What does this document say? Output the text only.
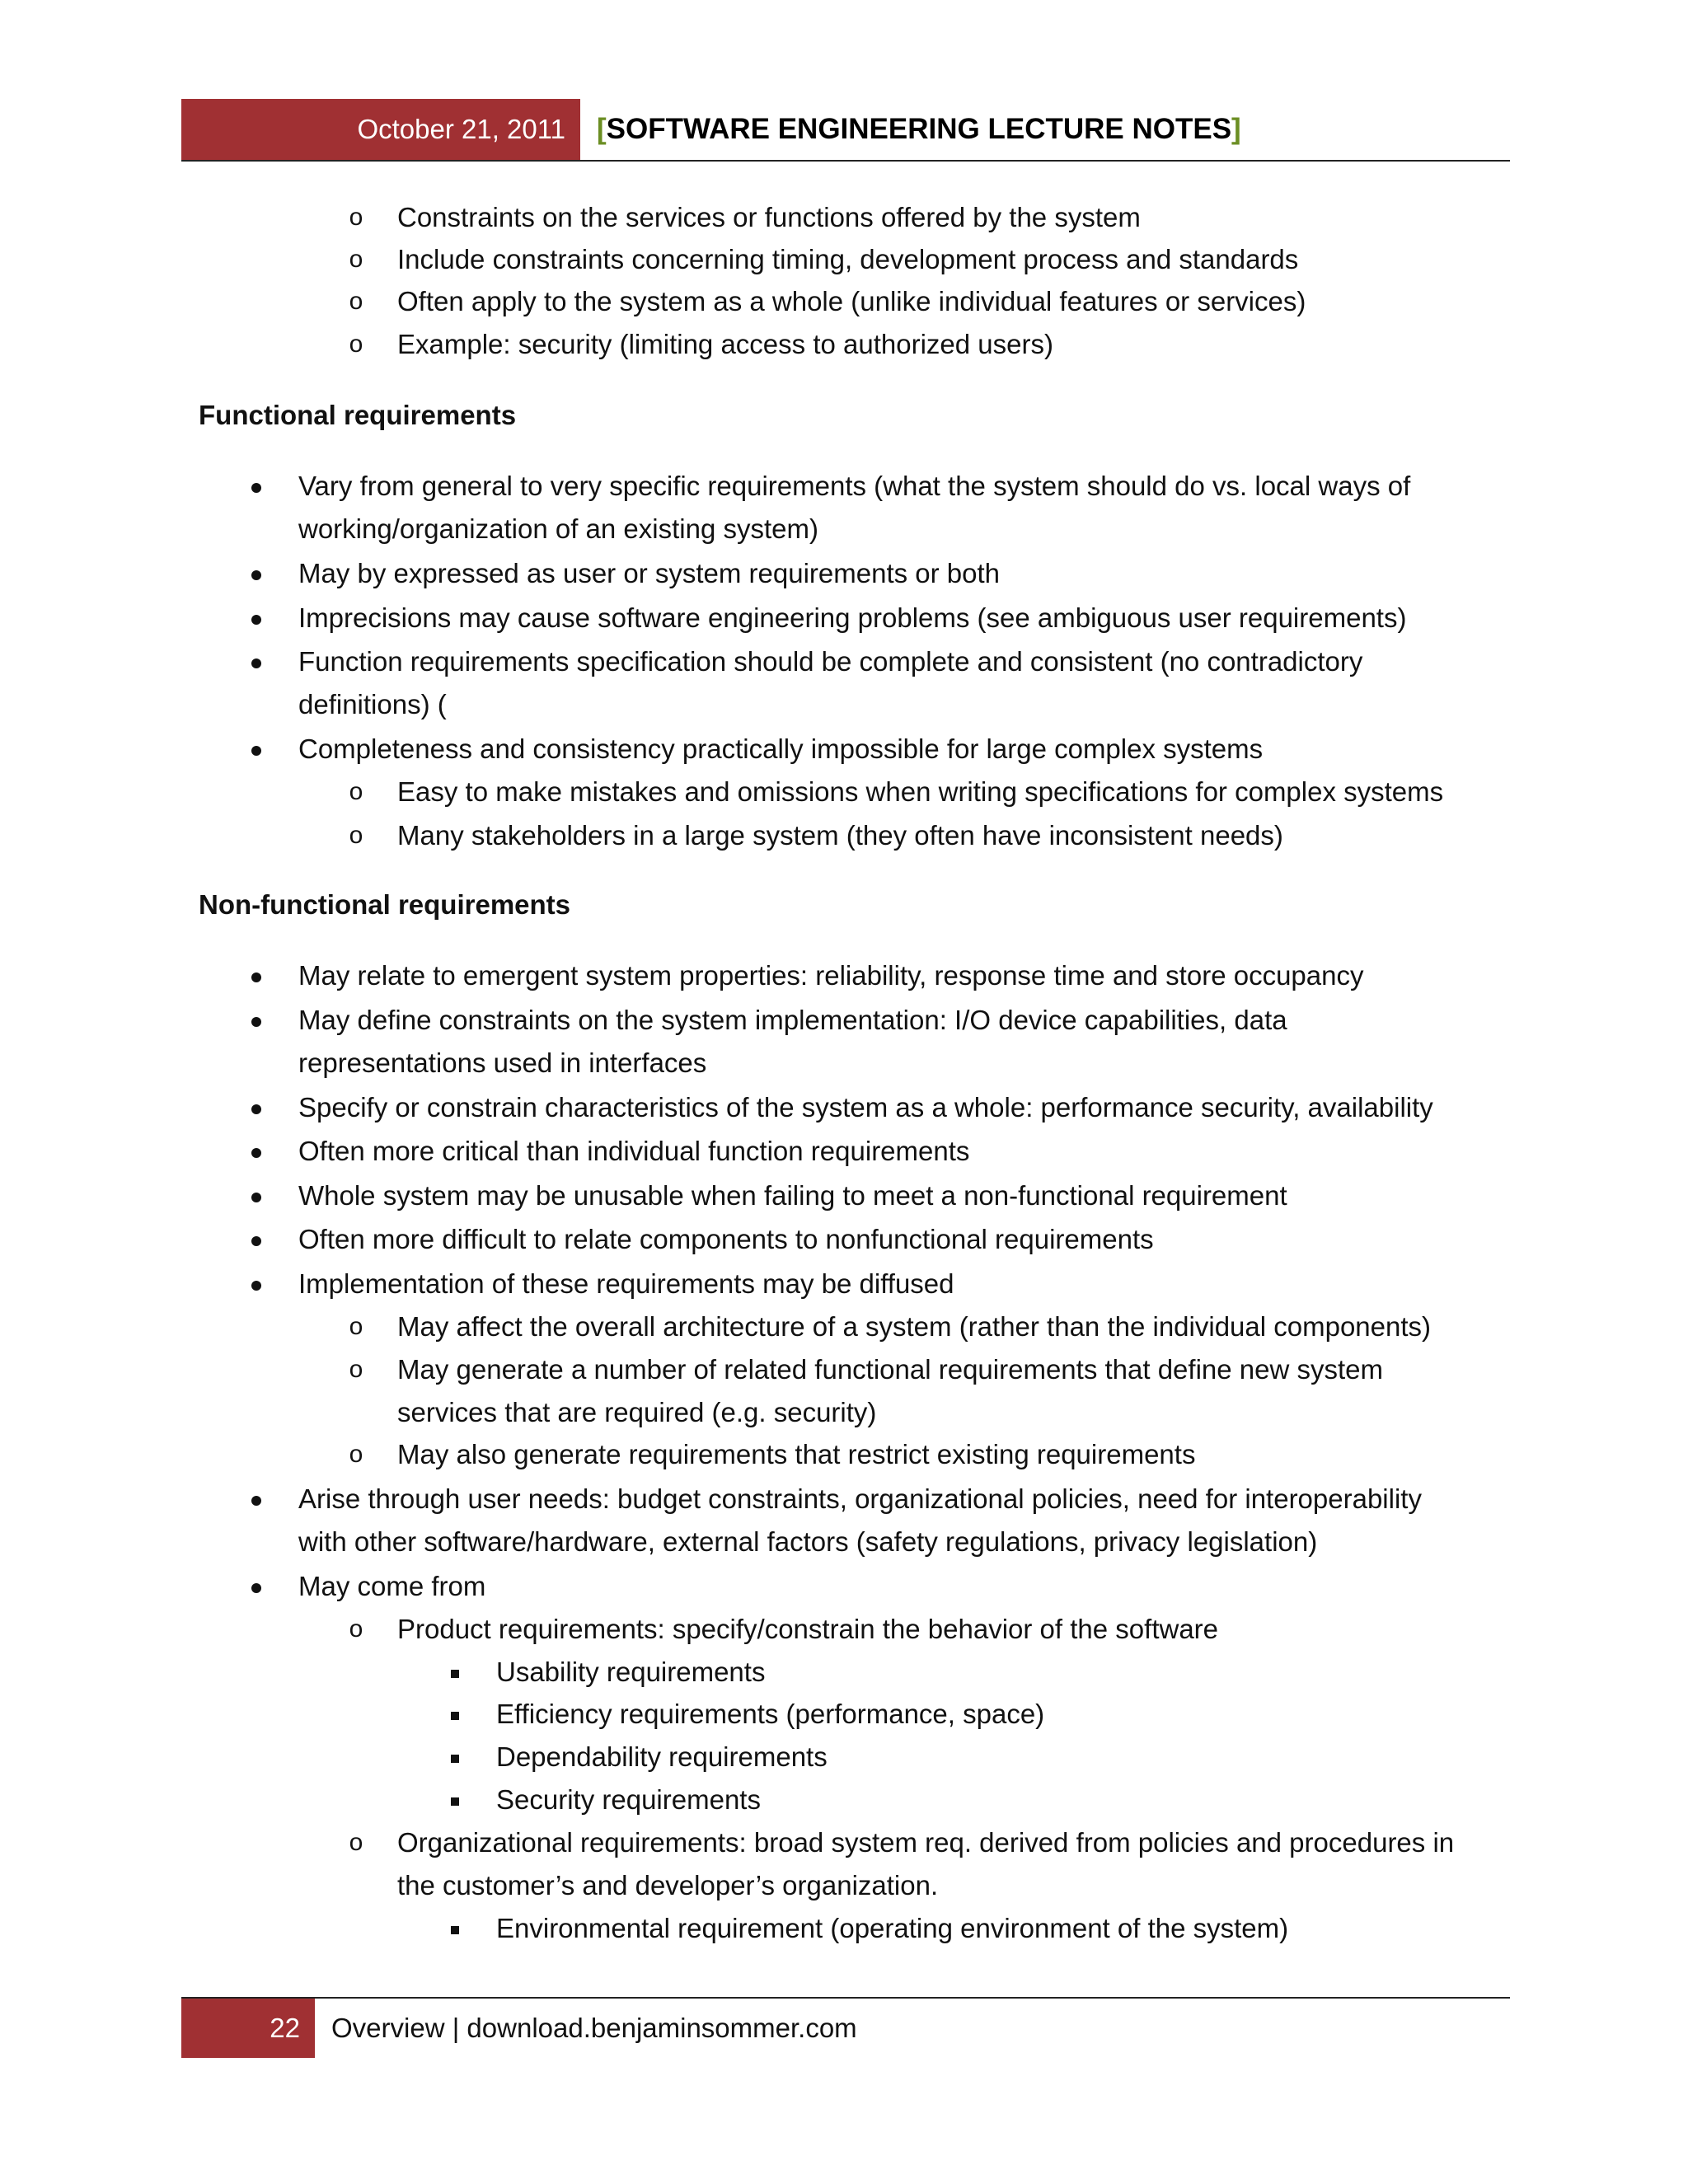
October 21, 2011 [ SOFTWARE ENGINEERING LECTURE NOTES ]
o Constraints on the services or functions offered by the system
o Include constraints concerning timing, development process and standards
o Often apply to the system as a whole (unlike individual features or services)
o Example: security (limiting access to authorized users)
Functional requirements
Vary from general to very specific requirements (what the system should do vs. local ways of
working/organization of an existing system)
May by expressed as user or system requirements or both
Imprecisions may cause software engineering problems (see ambiguous user requirements)
Function requirements specification should be complete and consistent (no contradictory
definitions) (
Completeness and consistency practically impossible for large complex systems
o Easy to make mistakes and omissions when writing specifications for complex systems
o Many stakeholders in a large system (they often have inconsistent needs)
Non-functional requirements
May relate to emergent system properties: reliability, response time and store occupancy
May define constraints on the system implementation: I/O device capabilities, data
representations used in interfaces
Specify or constrain characteristics of the system as a whole: performance security, availability
Often more critical than individual function requirements
Whole system may be unusable when failing to meet a non-functional requirement
Often more difficult to relate components to nonfunctional requirements
Implementation of these requirements may be diffused
o May affect the overall architecture of a system (rather than the individual components)
o May generate a number of related functional requirements that define new system
services that are required (e.g. security)
o May also generate requirements that restrict existing requirements
Arise through user needs: budget constraints, organizational policies, need for interoperability
with other software/hardware, external factors (safety regulations, privacy legislation)
May come from
o Product requirements: specify/constrain the behavior of the software
Usability requirements
Efficiency requirements (performance, space)
Dependability requirements
Security requirements
o Organizational requirements: broad system req. derived from policies and procedures in
the customer’s and developer’s organization.
Environmental requirement (operating environment of the system)
22 Overview | download.benjaminsommer.com
